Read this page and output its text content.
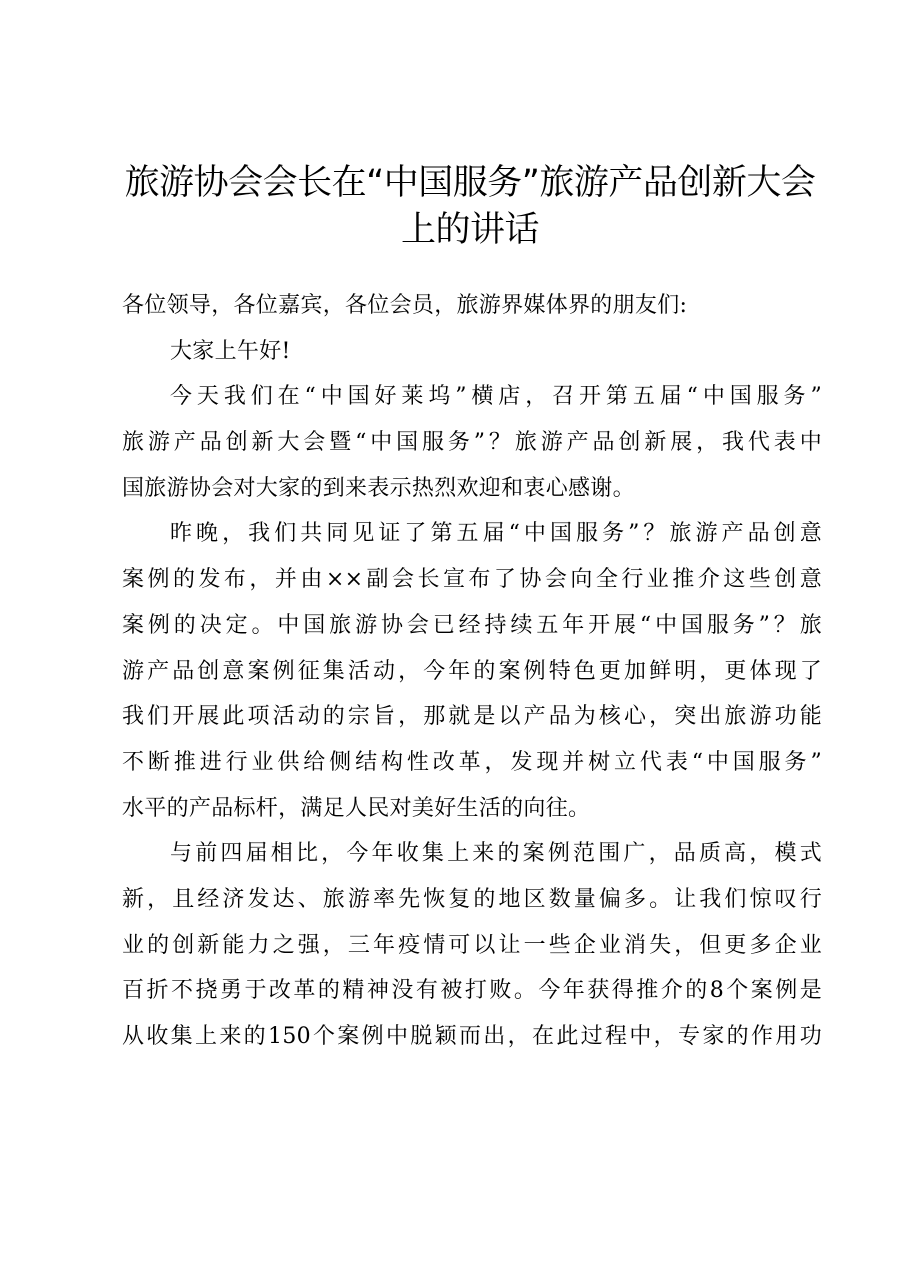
旅游协会会长在“中国服务”旅游产品创新大会
上的讲话

各位领导，各位嘉宾，各位会员，旅游界媒体界的朋友们:

大家上午好!

今天我们在“中国好莱坞”横店，召开第五届“中国服务”
旅游产品创新大会暨“中国服务”？旅游产品创新展，我代表中
国旅游协会对大家的到来表示热烈欢迎和衷心感谢。

昨晚，我们共同见证了第五届“中国服务”？旅游产品创意
案例的发布，并由××副会长宣布了协会向全行业推介这些创意
案例的决定。中国旅游协会已经持续五年开展“中国服务”？旅
游产品创意案例征集活动，今年的案例特色更加鲜明，更体现了
我们开展此项活动的宗旨，那就是以产品为核心，突出旅游功能
不断推进行业供给侧结构性改革，发现并树立代表“中国服务”
水平的产品标杆，满足人民对美好生活的向往。

与前四届相比，今年收集上来的案例范围广，品质高，模式
新，且经济发达、旅游率先恢复的地区数量偏多。让我们惊叹行
业的创新能力之强，三年疫情可以让一些企业消失，但更多企业
百折不挠勇于改革的精神没有被打败。今年获得推介的8个案例是
从收集上来的150个案例中脱颖而出，在此过程中，专家的作用功
